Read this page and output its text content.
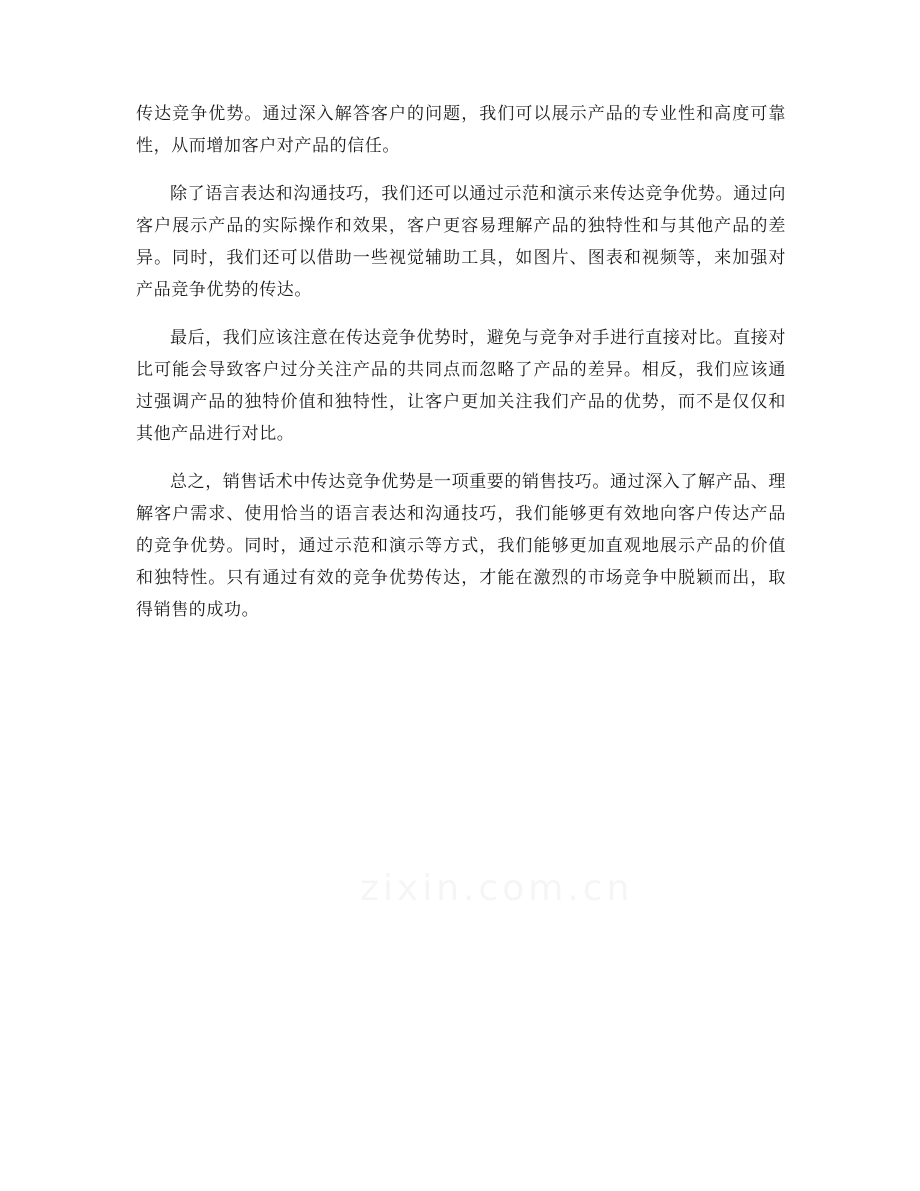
传达竞争优势。通过深入解答客户的问题，我们可以展示产品的专业性和高度可靠性，从而增加客户对产品的信任。

除了语言表达和沟通技巧，我们还可以通过示范和演示来传达竞争优势。通过向客户展示产品的实际操作和效果，客户更容易理解产品的独特性和与其他产品的差异。同时，我们还可以借助一些视觉辅助工具，如图片、图表和视频等，来加强对产品竞争优势的传达。

最后，我们应该注意在传达竞争优势时，避免与竞争对手进行直接对比。直接对比可能会导致客户过分关注产品的共同点而忽略了产品的差异。相反，我们应该通过强调产品的独特价值和独特性，让客户更加关注我们产品的优势，而不是仅仅和其他产品进行对比。

总之，销售话术中传达竞争优势是一项重要的销售技巧。通过深入了解产品、理解客户需求、使用恰当的语言表达和沟通技巧，我们能够更有效地向客户传达产品的竞争优势。同时，通过示范和演示等方式，我们能够更加直观地展示产品的价值和独特性。只有通过有效的竞争优势传达，才能在激烈的市场竞争中脱颖而出，取得销售的成功。
